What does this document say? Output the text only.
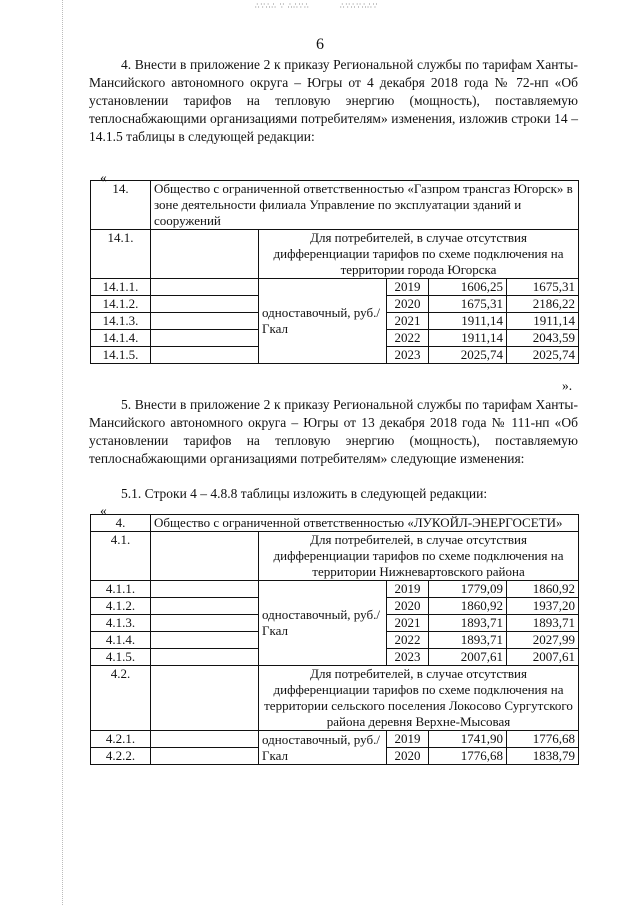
∴∵∴∴ ∵ ∴∴∵∴	∴∵∴∵∴∴∵
6

4. Внести в приложение 2 к приказу Региональной службы по тарифам Ханты-Мансийского автономного округа – Югры от 4 декабря 2018 года № 72-нп «Об установлении тарифов на тепловую энергию (мощность), поставляемую теплоснабжающими организациями потребителям» изменения, изложив строки 14 – 14.1.5 таблицы в следующей редакции:

«
14.	Общество с ограниченной ответственностью «Газпром трансгаз Югорск» в зоне деятельности филиала Управление по эксплуатации зданий и сооружений				
14.1.		Для потребителей, в случае отсутствия дифференциации тарифов по схеме подключения на территории города Югорска			
14.1.1.		одноставочный, руб./Гкал	2019	1606,25	1675,31
14.1.2.			2020	1675,31	2186,22
14.1.3.			2021	1911,14	1911,14
14.1.4.			2022	1911,14	2043,59
14.1.5.			2023	2025,74	2025,74
».

5. Внести в приложение 2 к приказу Региональной службы по тарифам Ханты-Мансийского автономного округа – Югры от 13 декабря 2018 года № 111-нп «Об установлении тарифов на тепловую энергию (мощность), поставляемую теплоснабжающими организациями потребителям» следующие изменения:

5.1. Строки 4 – 4.8.8 таблицы изложить в следующей редакции:

«
4.	Общество с ограниченной ответственностью «ЛУКОЙЛ-ЭНЕРГОСЕТИ»				
4.1.		Для потребителей, в случае отсутствия дифференциации тарифов по схеме подключения на территории Нижневартовского района			
4.1.1.		одноставочный, руб./Гкал	2019	1779,09	1860,92
4.1.2.			2020	1860,92	1937,20
4.1.3.			2021	1893,71	1893,71
4.1.4.			2022	1893,71	2027,99
4.1.5.			2023	2007,61	2007,61
4.2.		Для потребителей, в случае отсутствия дифференциации тарифов по схеме подключения на территории сельского поселения Локосово Сургутского района деревня Верхне-Мысовая			
4.2.1.		одноставочный, руб./Гкал	2019	1741,90	1776,68
4.2.2.			2020	1776,68	1838,79
